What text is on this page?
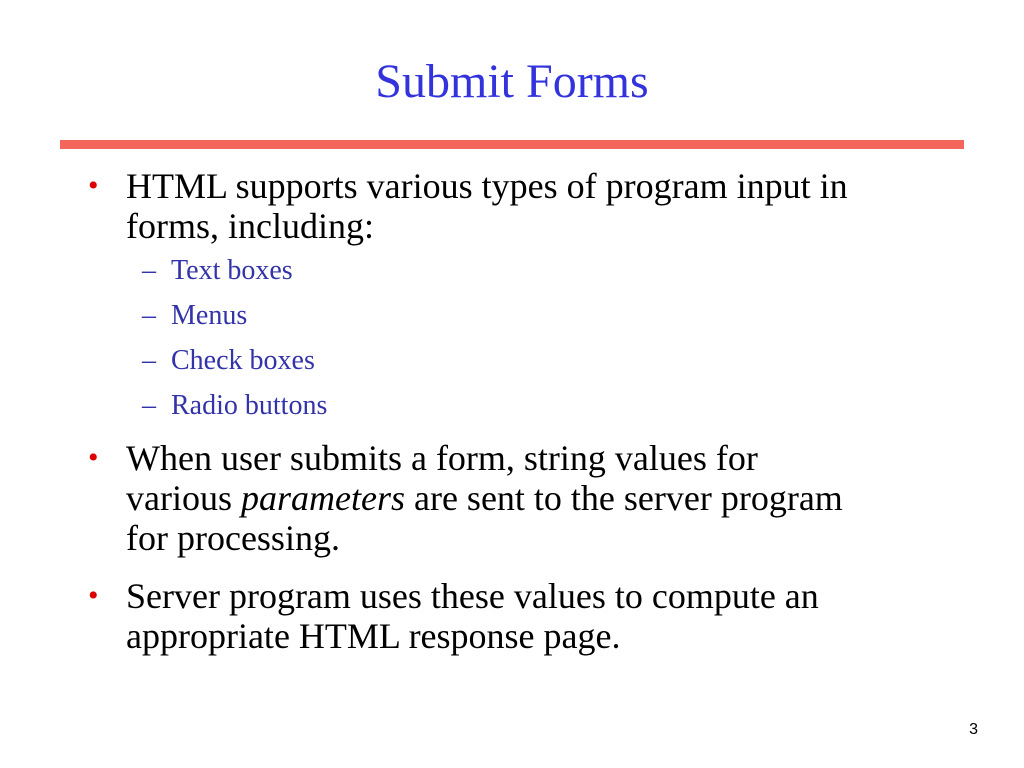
Submit Forms
• HTML supports various types of program input in
forms, including:
– Text boxes
– Menus
– Check boxes
– Radio buttons
• When user submits a form, string values for
various parameters are sent to the server program
for processing.
• Server program uses these values to compute an
appropriate HTML response page.
3
